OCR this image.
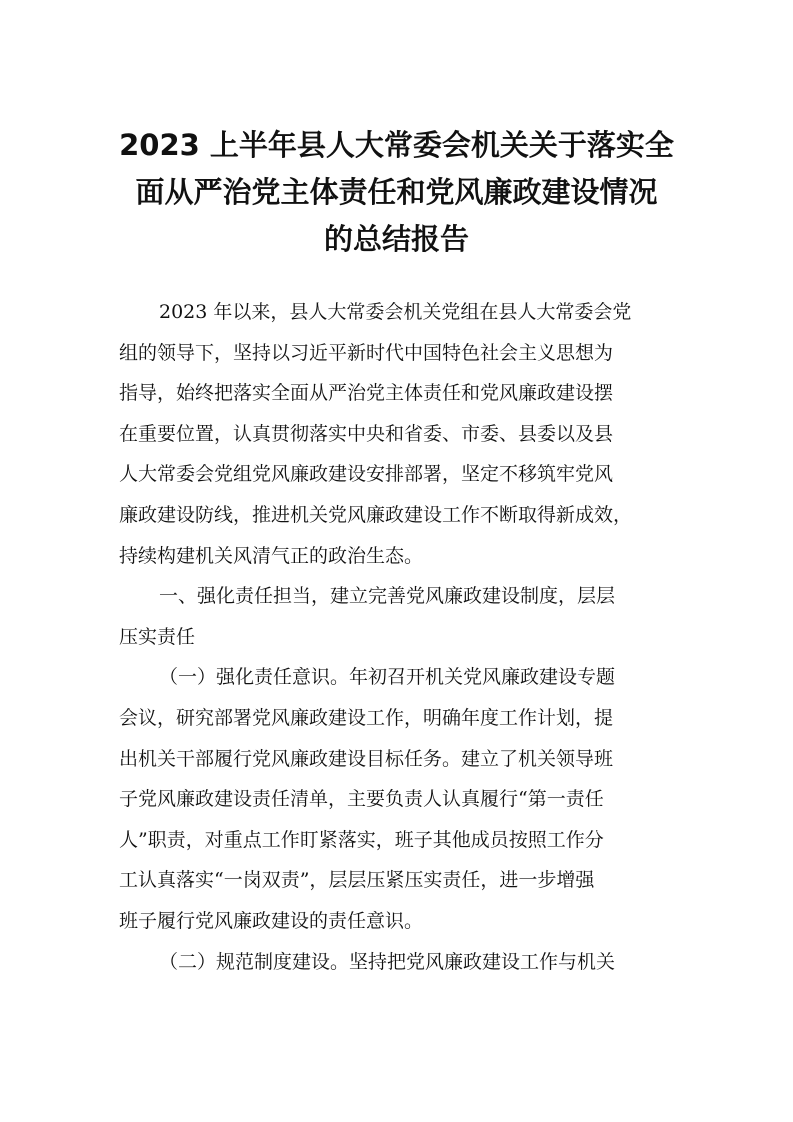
2023 上半年县人大常委会机关关于落实全
面从严治党主体责任和党风廉政建设情况
的总结报告

2023 年以来，县人大常委会机关党组在县人大常委会党
组的领导下，坚持以习近平新时代中国特色社会主义思想为
指导，始终把落实全面从严治党主体责任和党风廉政建设摆
在重要位置，认真贯彻落实中央和省委、市委、县委以及县
人大常委会党组党风廉政建设安排部署，坚定不移筑牢党风
廉政建设防线，推进机关党风廉政建设工作不断取得新成效，
持续构建机关风清气正的政治生态。

一、强化责任担当，建立完善党风廉政建设制度，层层
压实责任

（一）强化责任意识。年初召开机关党风廉政建设专题
会议，研究部署党风廉政建设工作，明确年度工作计划，提
出机关干部履行党风廉政建设目标任务。建立了机关领导班
子党风廉政建设责任清单，主要负责人认真履行“第一责任
人”职责，对重点工作盯紧落实，班子其他成员按照工作分
工认真落实“一岗双责”，层层压紧压实责任，进一步增强
班子履行党风廉政建设的责任意识。

（二）规范制度建设。坚持把党风廉政建设工作与机关
